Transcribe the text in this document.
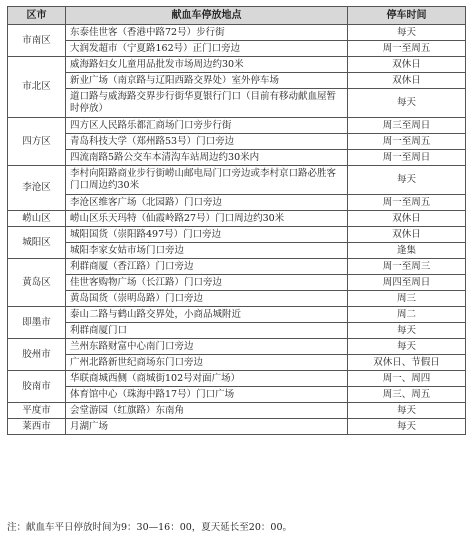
区市	献血车停放地点	停车时间
市南区	东泰佳世客（香港中路72号）步行街	每天
	大润发超市（宁夏路162号）正门口旁边	周一至周五
市北区	威海路妇女儿童用品批发市场周边约30米	双休日
	新业广场（南京路与辽阳西路交界处）室外停车场	双休日
	道口路与威海路交界步行街华夏银行门口（目前有移动献血屋暂时停放）	每天
四方区	四方区人民路乐都汇商场门口旁步行街	周三至周日
	青岛科技大学（郑州路53号）门口旁边	周一至周五
	四流南路5路公交车本清沟车站周边约30米内	周一至周日
李沧区	李村向阳路商业步行街崂山邮电局门口旁边或李村京口路必胜客门口周边约30米	每天
	李沧区维客广场（北园路）门口旁边	周一至周五
崂山区	崂山区乐天玛特（仙霞岭路27号）门口周边约30米	双休日
城阳区	城阳国货（崇阳路497号）门口旁边	双休日
	城阳李家女姑市场门口旁边	逢集
黄岛区	利群商厦（香江路）门口旁边	周一至周三
	佳世客购物广场（长江路）门口旁边	周四至周日
	黄岛国货（崇明岛路）门口旁边	周三
即墨市	泰山二路与鹤山路交界处，小商品城附近	周二
	利群商厦门口	每天
胶州市	兰州东路财富中心南门口旁边	每天
	广州北路新世纪商场东门口旁边	双休日、节假日
胶南市	华联商城西侧（商城街102号对面广场）	周一、周四
	体育馆中心（珠海中路17号）门口广场	周三、周五
平度市	会堂游园（红旗路）东南角	每天
莱西市	月湖广场	每天
注：献血车平日停放时间为9：30—16：00，夏天延长至20：00。
